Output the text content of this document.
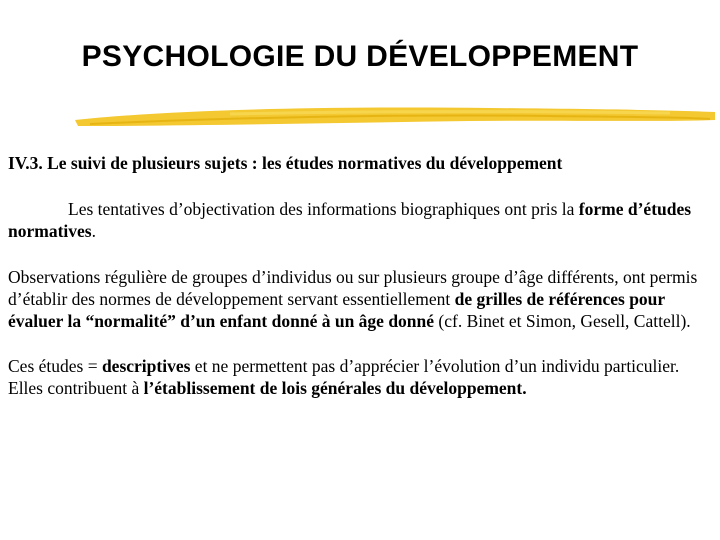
PSYCHOLOGIE DU DÉVELOPPEMENT

IV.3. Le suivi de plusieurs sujets : les études normatives du développement

Les tentatives d’objectivation des informations biographiques ont pris la forme d’études normatives.

Observations régulière de groupes d’individus ou sur plusieurs groupe d’âge différents, ont permis d’établir des normes de développement servant essentiellement de grilles de références pour évaluer la “normalité” d’un enfant donné à un âge donné (cf. Binet et Simon, Gesell, Cattell).

Ces études = descriptives et ne permettent pas d’apprécier l’évolution d’un individu particulier. Elles contribuent à l’établissement de lois générales du développement.
